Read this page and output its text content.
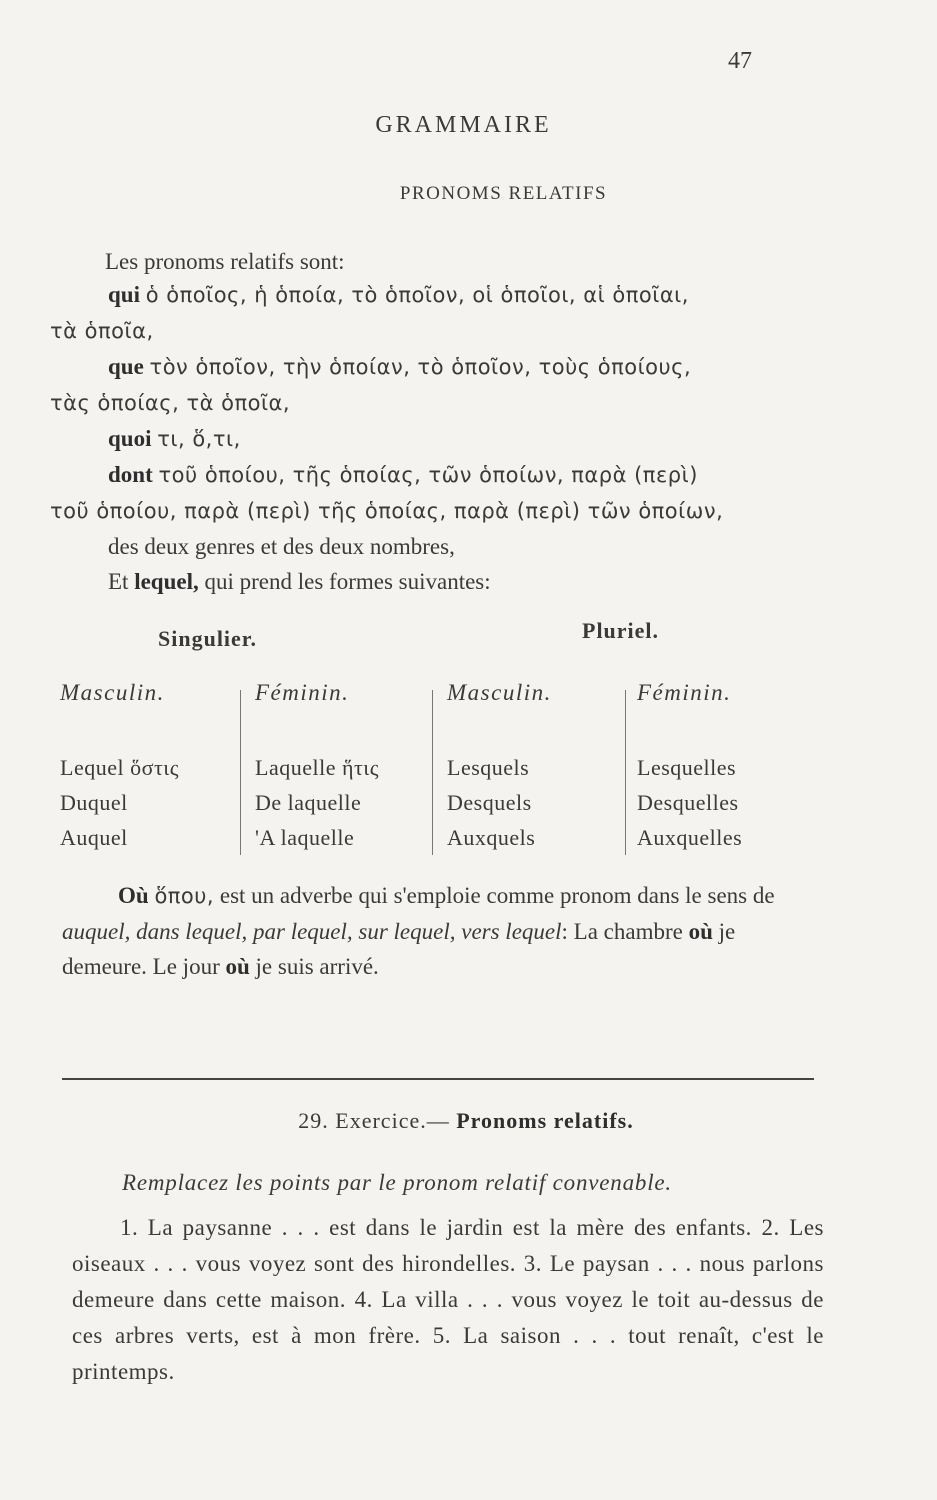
47
GRAMMAIRE
PRONOMS RELATIFS
Les pronoms relatifs sont:
qui ὁ ὁποῖος, ἡ ὁποία, τὸ ὁποῖον, οἱ ὁποῖοι, αἱ ὁποῖαι,
τὰ ὁποῖα,
que τὸν ὁποῖον, τὴν ὁποίαν, τὸ ὁποῖον, τοὺς ὁποίους,
τὰς ὁποίας, τὰ ὁποῖα,
quoi τι, ὅ,τι,
dont τοῦ ὁποίου, τῆς ὁποίας, τῶν ὁποίων, παρὰ (περὶ)
τοῦ ὁποίου, παρὰ (περὶ) τῆς ὁποίας, παρὰ (περὶ) τῶν ὁποίων,
des deux genres et des deux nombres,
Et lequel, qui prend les formes suivantes:
Singulier.	Pluriel.
Masculin.
Lequel ὅστις
Duquel
Auquel
Féminin.
Laquelle ἥτις
De laquelle
'A laquelle
Masculin.
Lesquels
Desquels
Auxquels
Féminin.
Lesquelles
Desquelles
Auxquelles
Où ὅπου, est un adverbe qui s'emploie comme pronom dans le sens de auquel, dans lequel, par lequel, sur lequel, vers lequel: La chambre où je demeure. Le jour où je suis arrivé.
29. Exercice.— Pronoms relatifs.
Remplacez les points par le pronom relatif convenable.
1. La paysanne . . . est dans le jardin est la mère des enfants. 2. Les oiseaux . . . vous voyez sont des hirondelles. 3. Le paysan . . . nous parlons demeure dans cette maison. 4. La villa . . . vous voyez le toit au-dessus de ces arbres verts, est à mon frère. 5. La saison . . . tout renaît, c'est le printemps.
